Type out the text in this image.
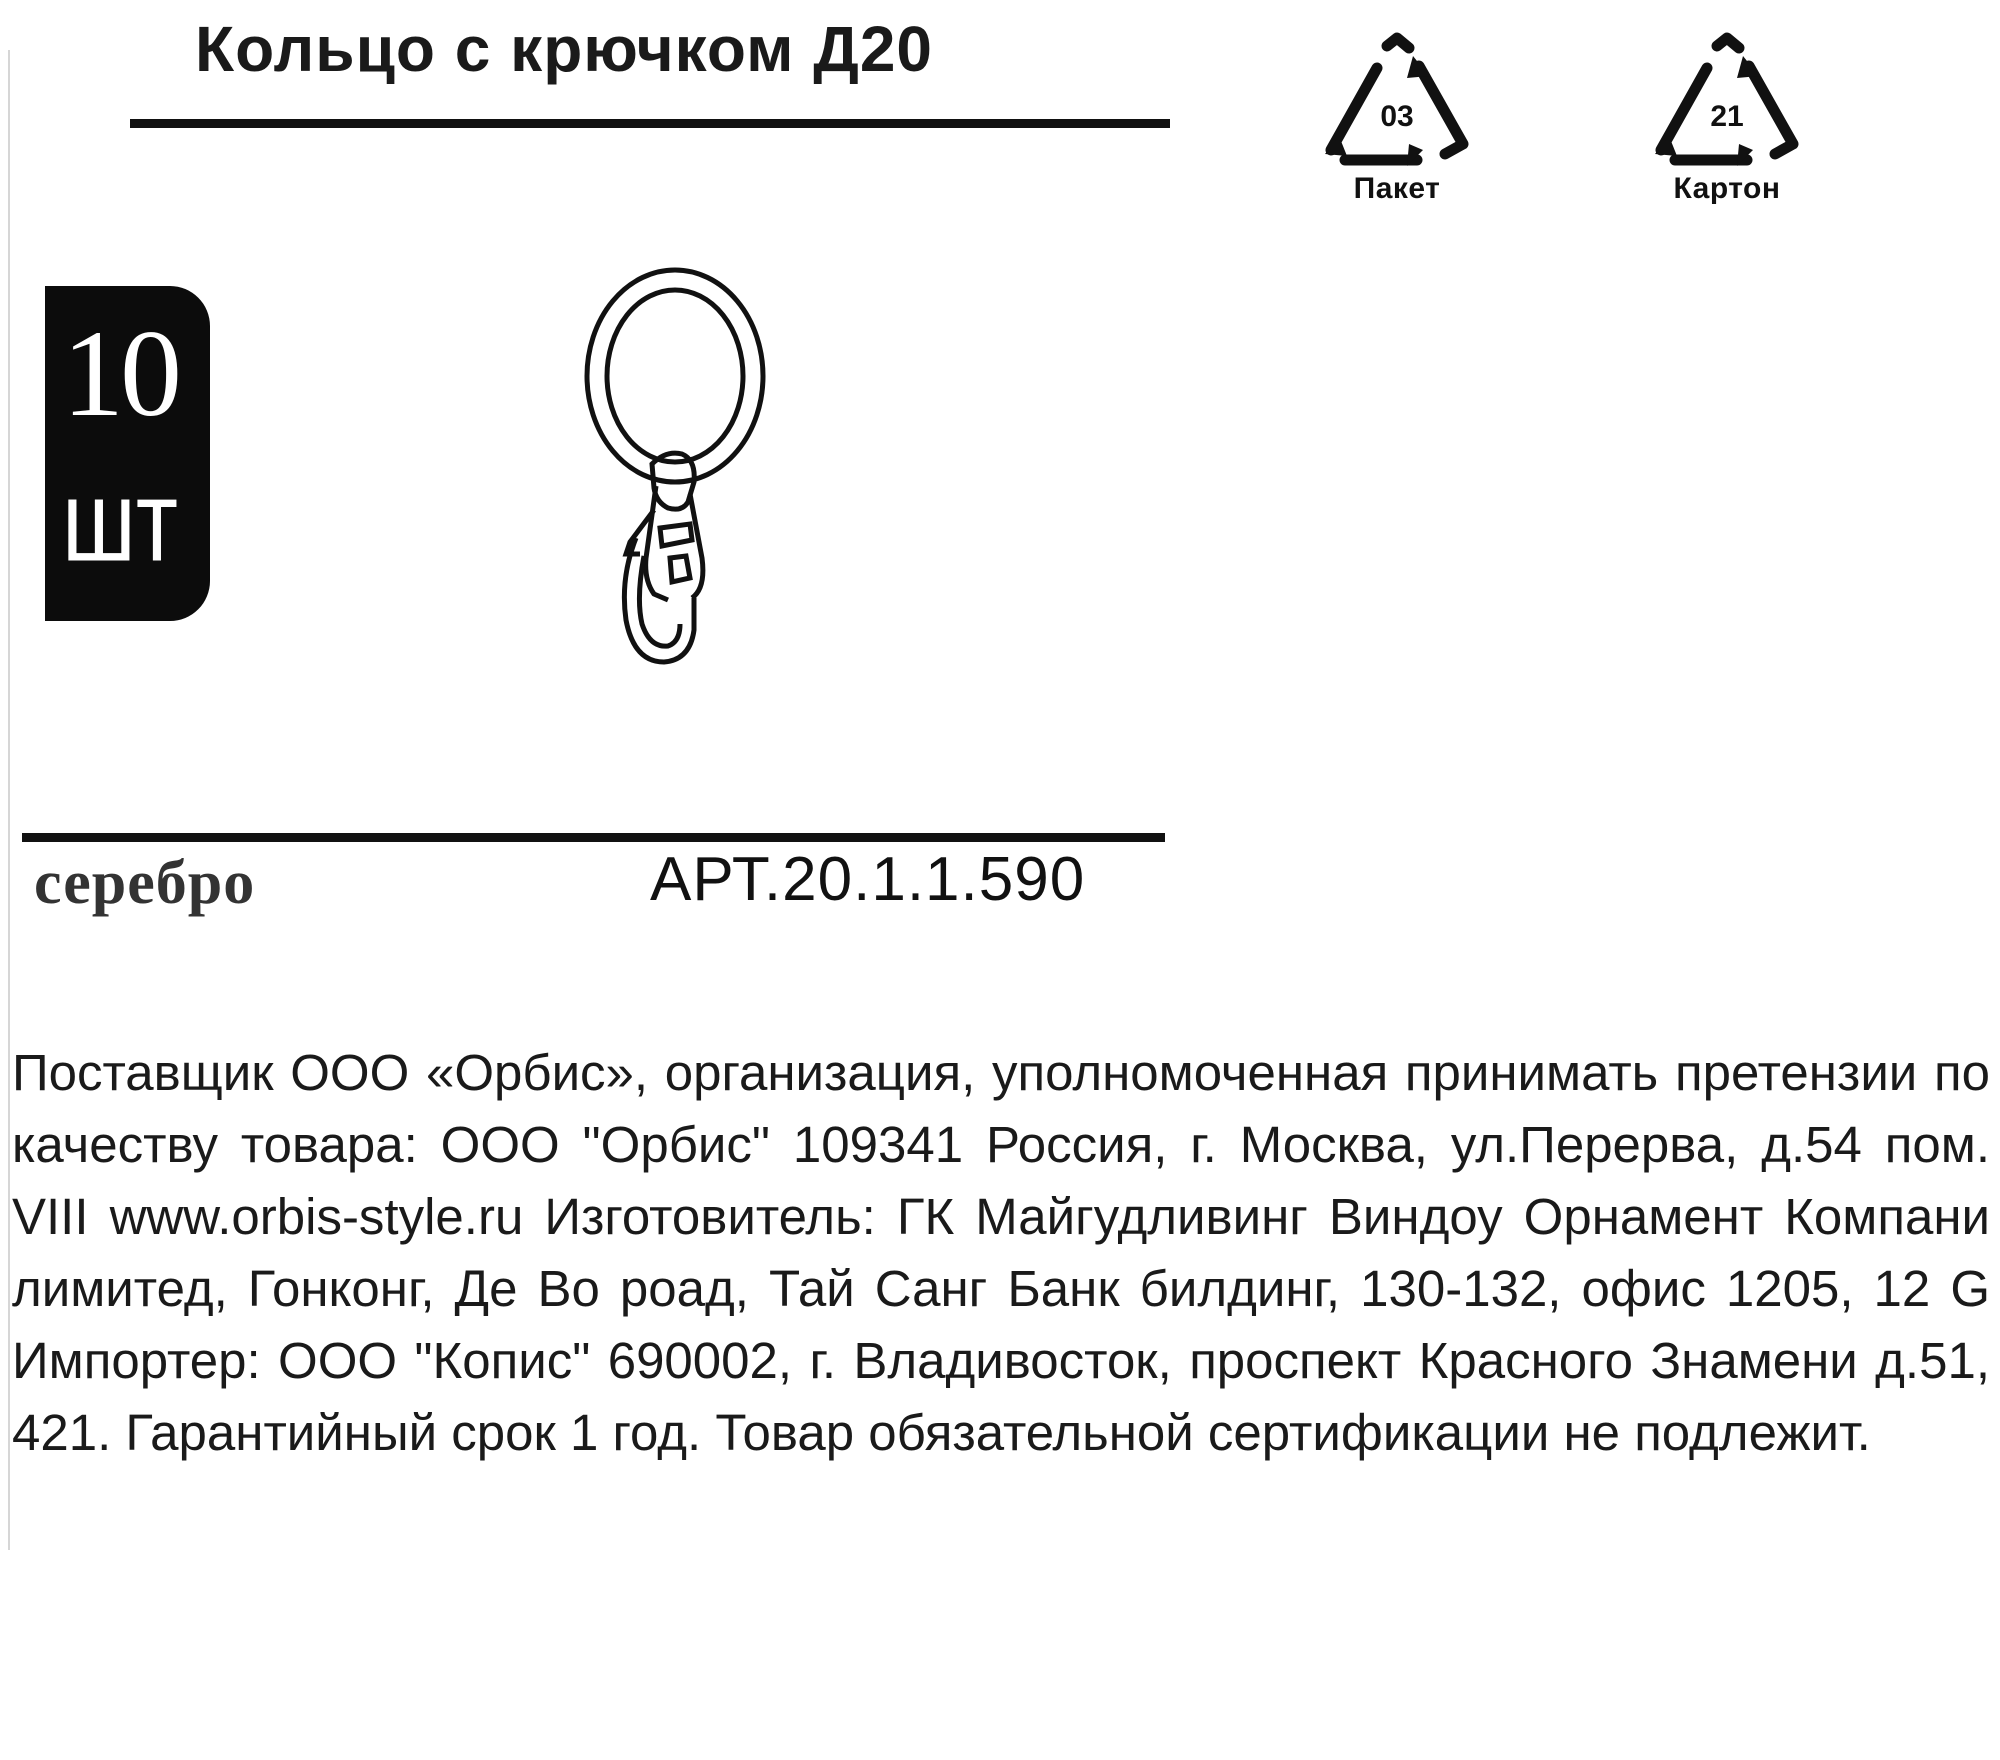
Кольцо с крючком Д20
03
Пакет
21
Картон
10
шт
серебро	АРТ.20.1.1.590
Поставщик ООО «Орбис», организация, уполномоченная принимать претензии по качеству товара: ООО "Орбис" 109341 Россия, г. Москва, ул.Перерва, д.54 пом. VIII www.orbis-style.ru Изготовитель: ГК Майгудливинг Виндоу Орнамент Компани лимитед, Гонконг, Де Во роад, Тай Санг Банк билдинг, 130-132, офис 1205, 12 G Импортер: ООО "Копис" 690002, г. Владивосток, проспект Красного Знамени д.51, 421. Гарантийный срок 1 год. Товар обязательной сертификации не подлежит.
